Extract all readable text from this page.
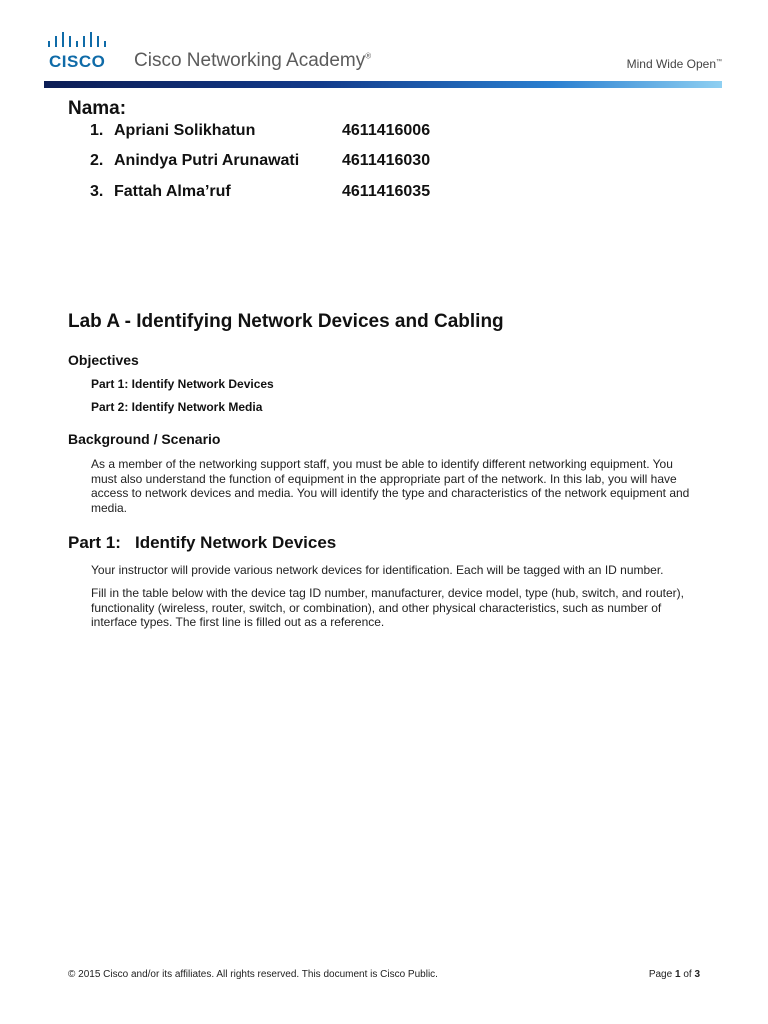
CISCO Cisco Networking Academy®
Mind Wide Open™
Nama:
1. Apriani Solikhatun	4611416006
2. Anindya Putri Arunawati	4611416030
3. Fattah Alma’ruf	4611416035
Lab A - Identifying Network Devices and Cabling
Objectives
Part 1: Identify Network Devices
Part 2: Identify Network Media
Background / Scenario
As a member of the networking support staff, you must be able to identify different networking equipment. You must also understand the function of equipment in the appropriate part of the network. In this lab, you will have access to network devices and media. You will identify the type and characteristics of the network equipment and media.
Part 1: Identify Network Devices
Your instructor will provide various network devices for identification. Each will be tagged with an ID number.
Fill in the table below with the device tag ID number, manufacturer, device model, type (hub, switch, and router), functionality (wireless, router, switch, or combination), and other physical characteristics, such as number of interface types. The first line is filled out as a reference.
© 2015 Cisco and/or its affiliates. All rights reserved. This document is Cisco Public.	Page 1 of 3
